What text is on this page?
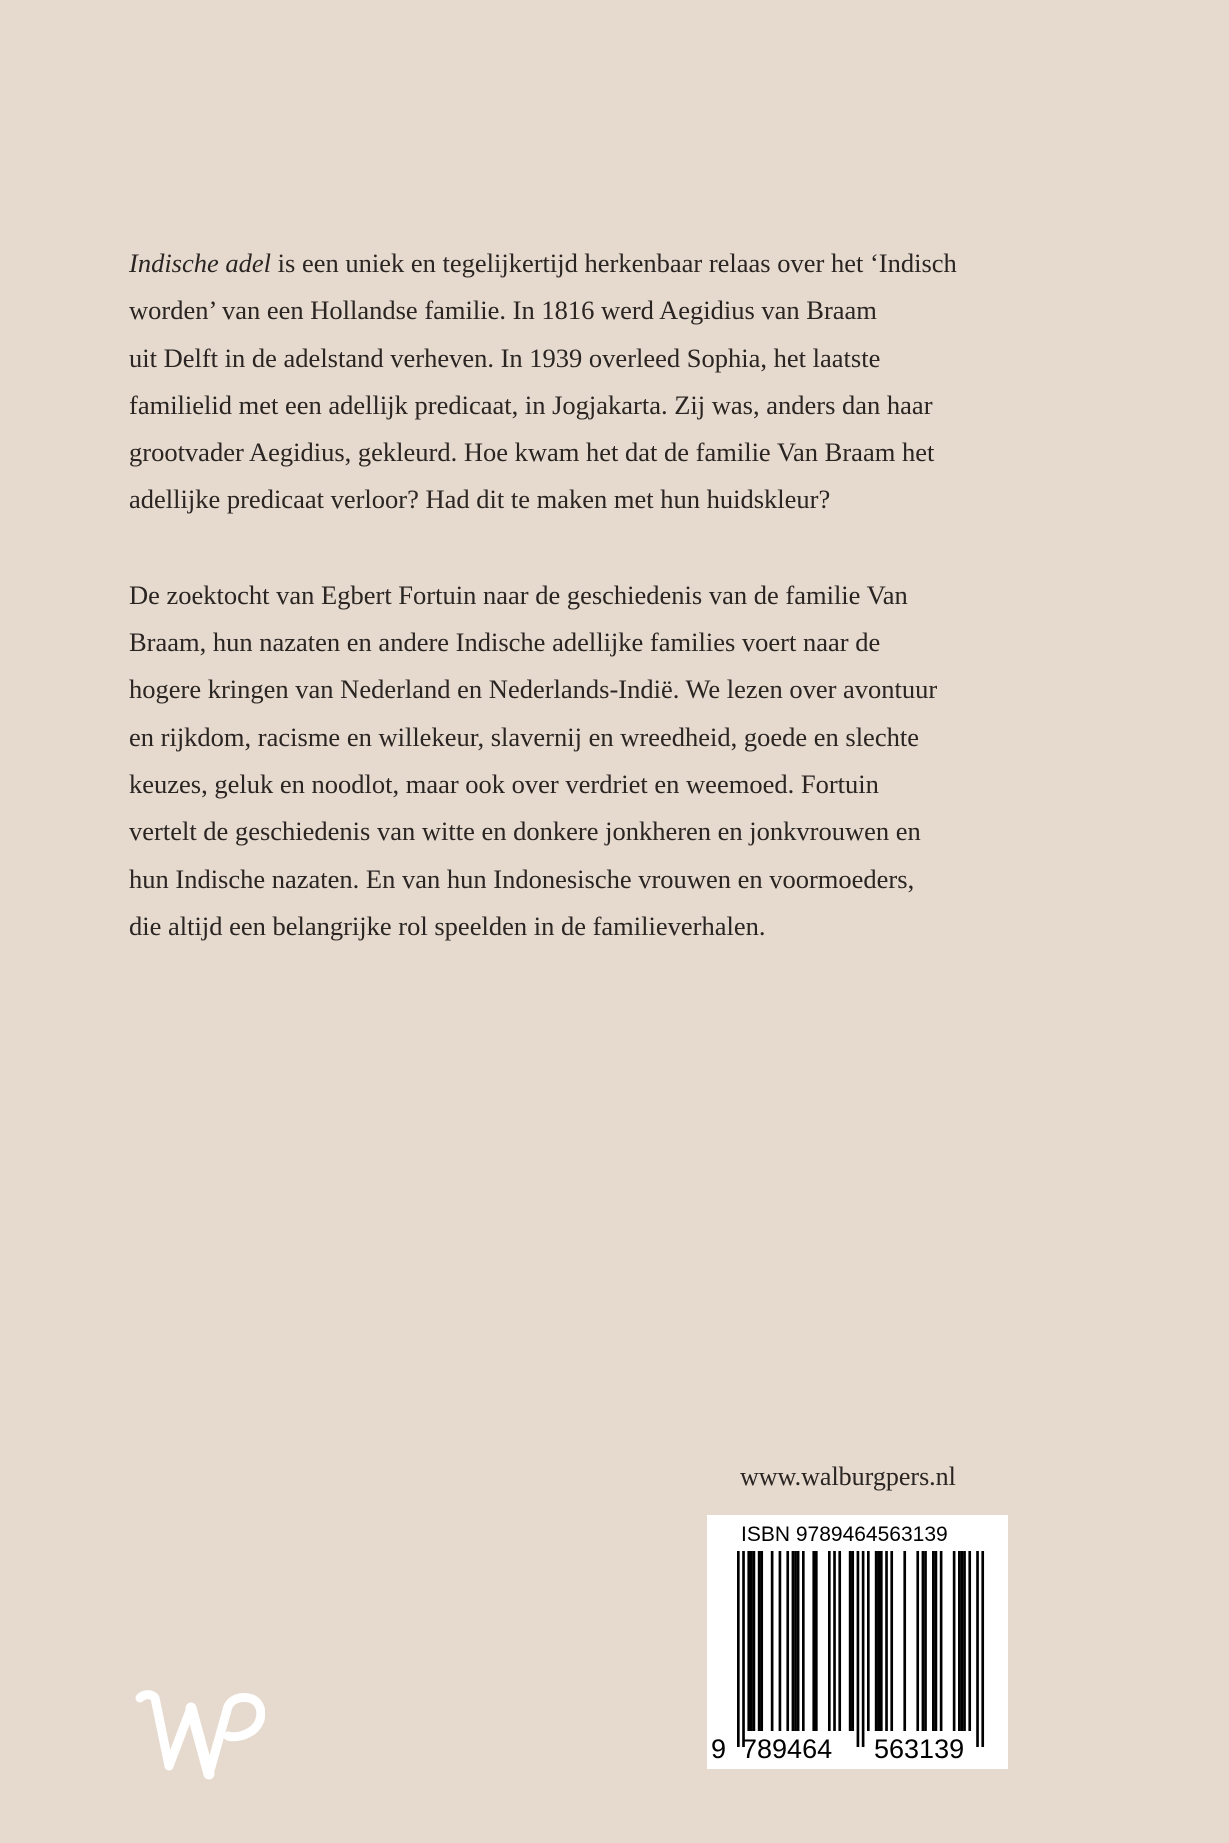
Indische adel is een uniek en tegelijkertijd herkenbaar relaas over het ‘Indisch
worden’ van een Hollandse familie. In 1816 werd Aegidius van Braam
uit Delft in de adelstand verheven. In 1939 overleed Sophia, het laatste
familielid met een adellijk predicaat, in Jogjakarta. Zij was, anders dan haar
grootvader Aegidius, gekleurd. Hoe kwam het dat de familie Van Braam het
adellijke predicaat verloor? Had dit te maken met hun huidskleur?

De zoektocht van Egbert Fortuin naar de geschiedenis van de familie Van
Braam, hun nazaten en andere Indische adellijke families voert naar de
hogere kringen van Nederland en Nederlands-Indië. We lezen over avontuur
en rijkdom, racisme en willekeur, slavernij en wreedheid, goede en slechte
keuzes, geluk en noodlot, maar ook over verdriet en weemoed. Fortuin
vertelt de geschiedenis van witte en donkere jonkheren en jonkvrouwen en
hun Indische nazaten. En van hun Indonesische vrouwen en voormoeders,
die altijd een belangrijke rol speelden in de familieverhalen.

www.walburgpers.nl
ISBN 9789464563139
9 789464 563139
